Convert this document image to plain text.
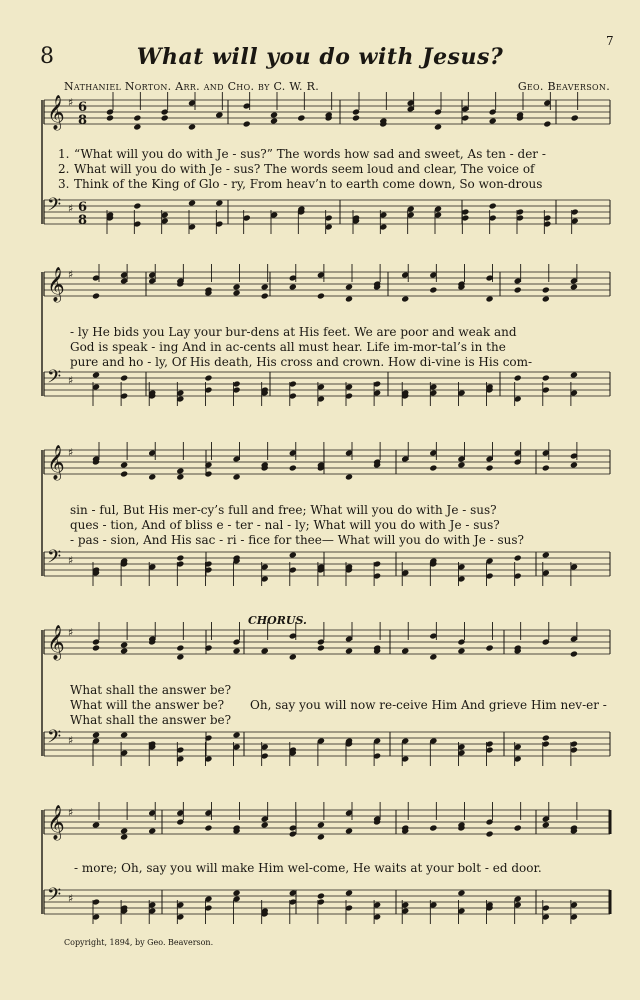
8	What will you do with Jesus?
7
Nathaniel Norton. Arr. and Cho. by C. W. R.	Geo. Beaverson.
𝄞 ♯ 6
8
𝄢 ♯ 6
8
𝄞 ♯
𝄢 ♯
𝄞 ♯
𝄢 ♯
𝄞 ♯
𝄢 ♯
𝄞 ♯
𝄢 ♯
1. “What will you do with Je - sus?” The words how sad and sweet, As ten - der -
2. What will you do with Je - sus? The words seem loud and clear, The voice of
3. Think of the King of Glo - ry, From heav’n to earth come down, So won-drous
- ly He bids you Lay your bur-dens at His feet. We are poor and weak and
God is speak - ing And in ac-cents all must hear. Life im-mor-tal’s in the
pure and ho - ly, Of His death, His cross and crown. How di-vine is His com-
sin - ful, But His mer-cy’s full and free; What will you do with Je - sus?
ques - tion, And of bliss e - ter - nal - ly; What will you do with Je - sus?
- pas - sion, And His sac - ri - fice for thee— What will you do with Je - sus?
CHORUS.
What shall the answer be?
What will the answer be?
What shall the answer be?
Oh, say you will now re-ceive Him And grieve Him nev-er -
- more; Oh, say you will make Him wel-come, He waits at your bolt - ed door.
Copyright, 1894, by Geo. Beaverson.
